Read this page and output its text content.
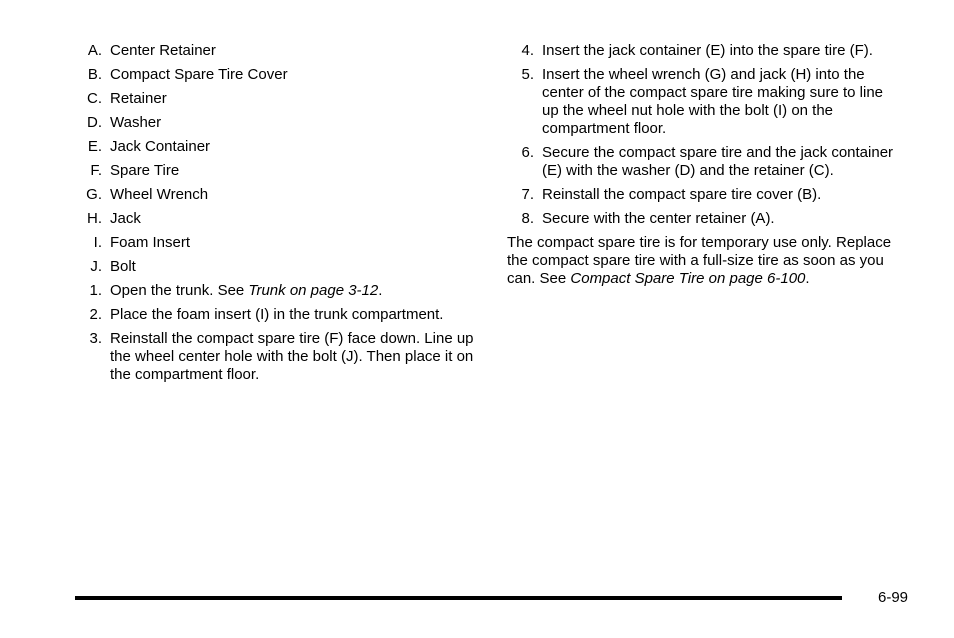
A. Center Retainer
B. Compact Spare Tire Cover
C. Retainer
D. Washer
E. Jack Container
F. Spare Tire
G. Wheel Wrench
H. Jack
I. Foam Insert
J. Bolt
1. Open the trunk. See Trunk on page 3-12.
2. Place the foam insert (I) in the trunk compartment.
3. Reinstall the compact spare tire (F) face down. Line up the wheel center hole with the bolt (J). Then place it on the compartment floor.
4. Insert the jack container (E) into the spare tire (F).
5. Insert the wheel wrench (G) and jack (H) into the center of the compact spare tire making sure to line up the wheel nut hole with the bolt (I) on the compartment floor.
6. Secure the compact spare tire and the jack container (E) with the washer (D) and the retainer (C).
7. Reinstall the compact spare tire cover (B).
8. Secure with the center retainer (A).
The compact spare tire is for temporary use only. Replace the compact spare tire with a full-size tire as soon as you can. See Compact Spare Tire on page 6-100.
6-99
